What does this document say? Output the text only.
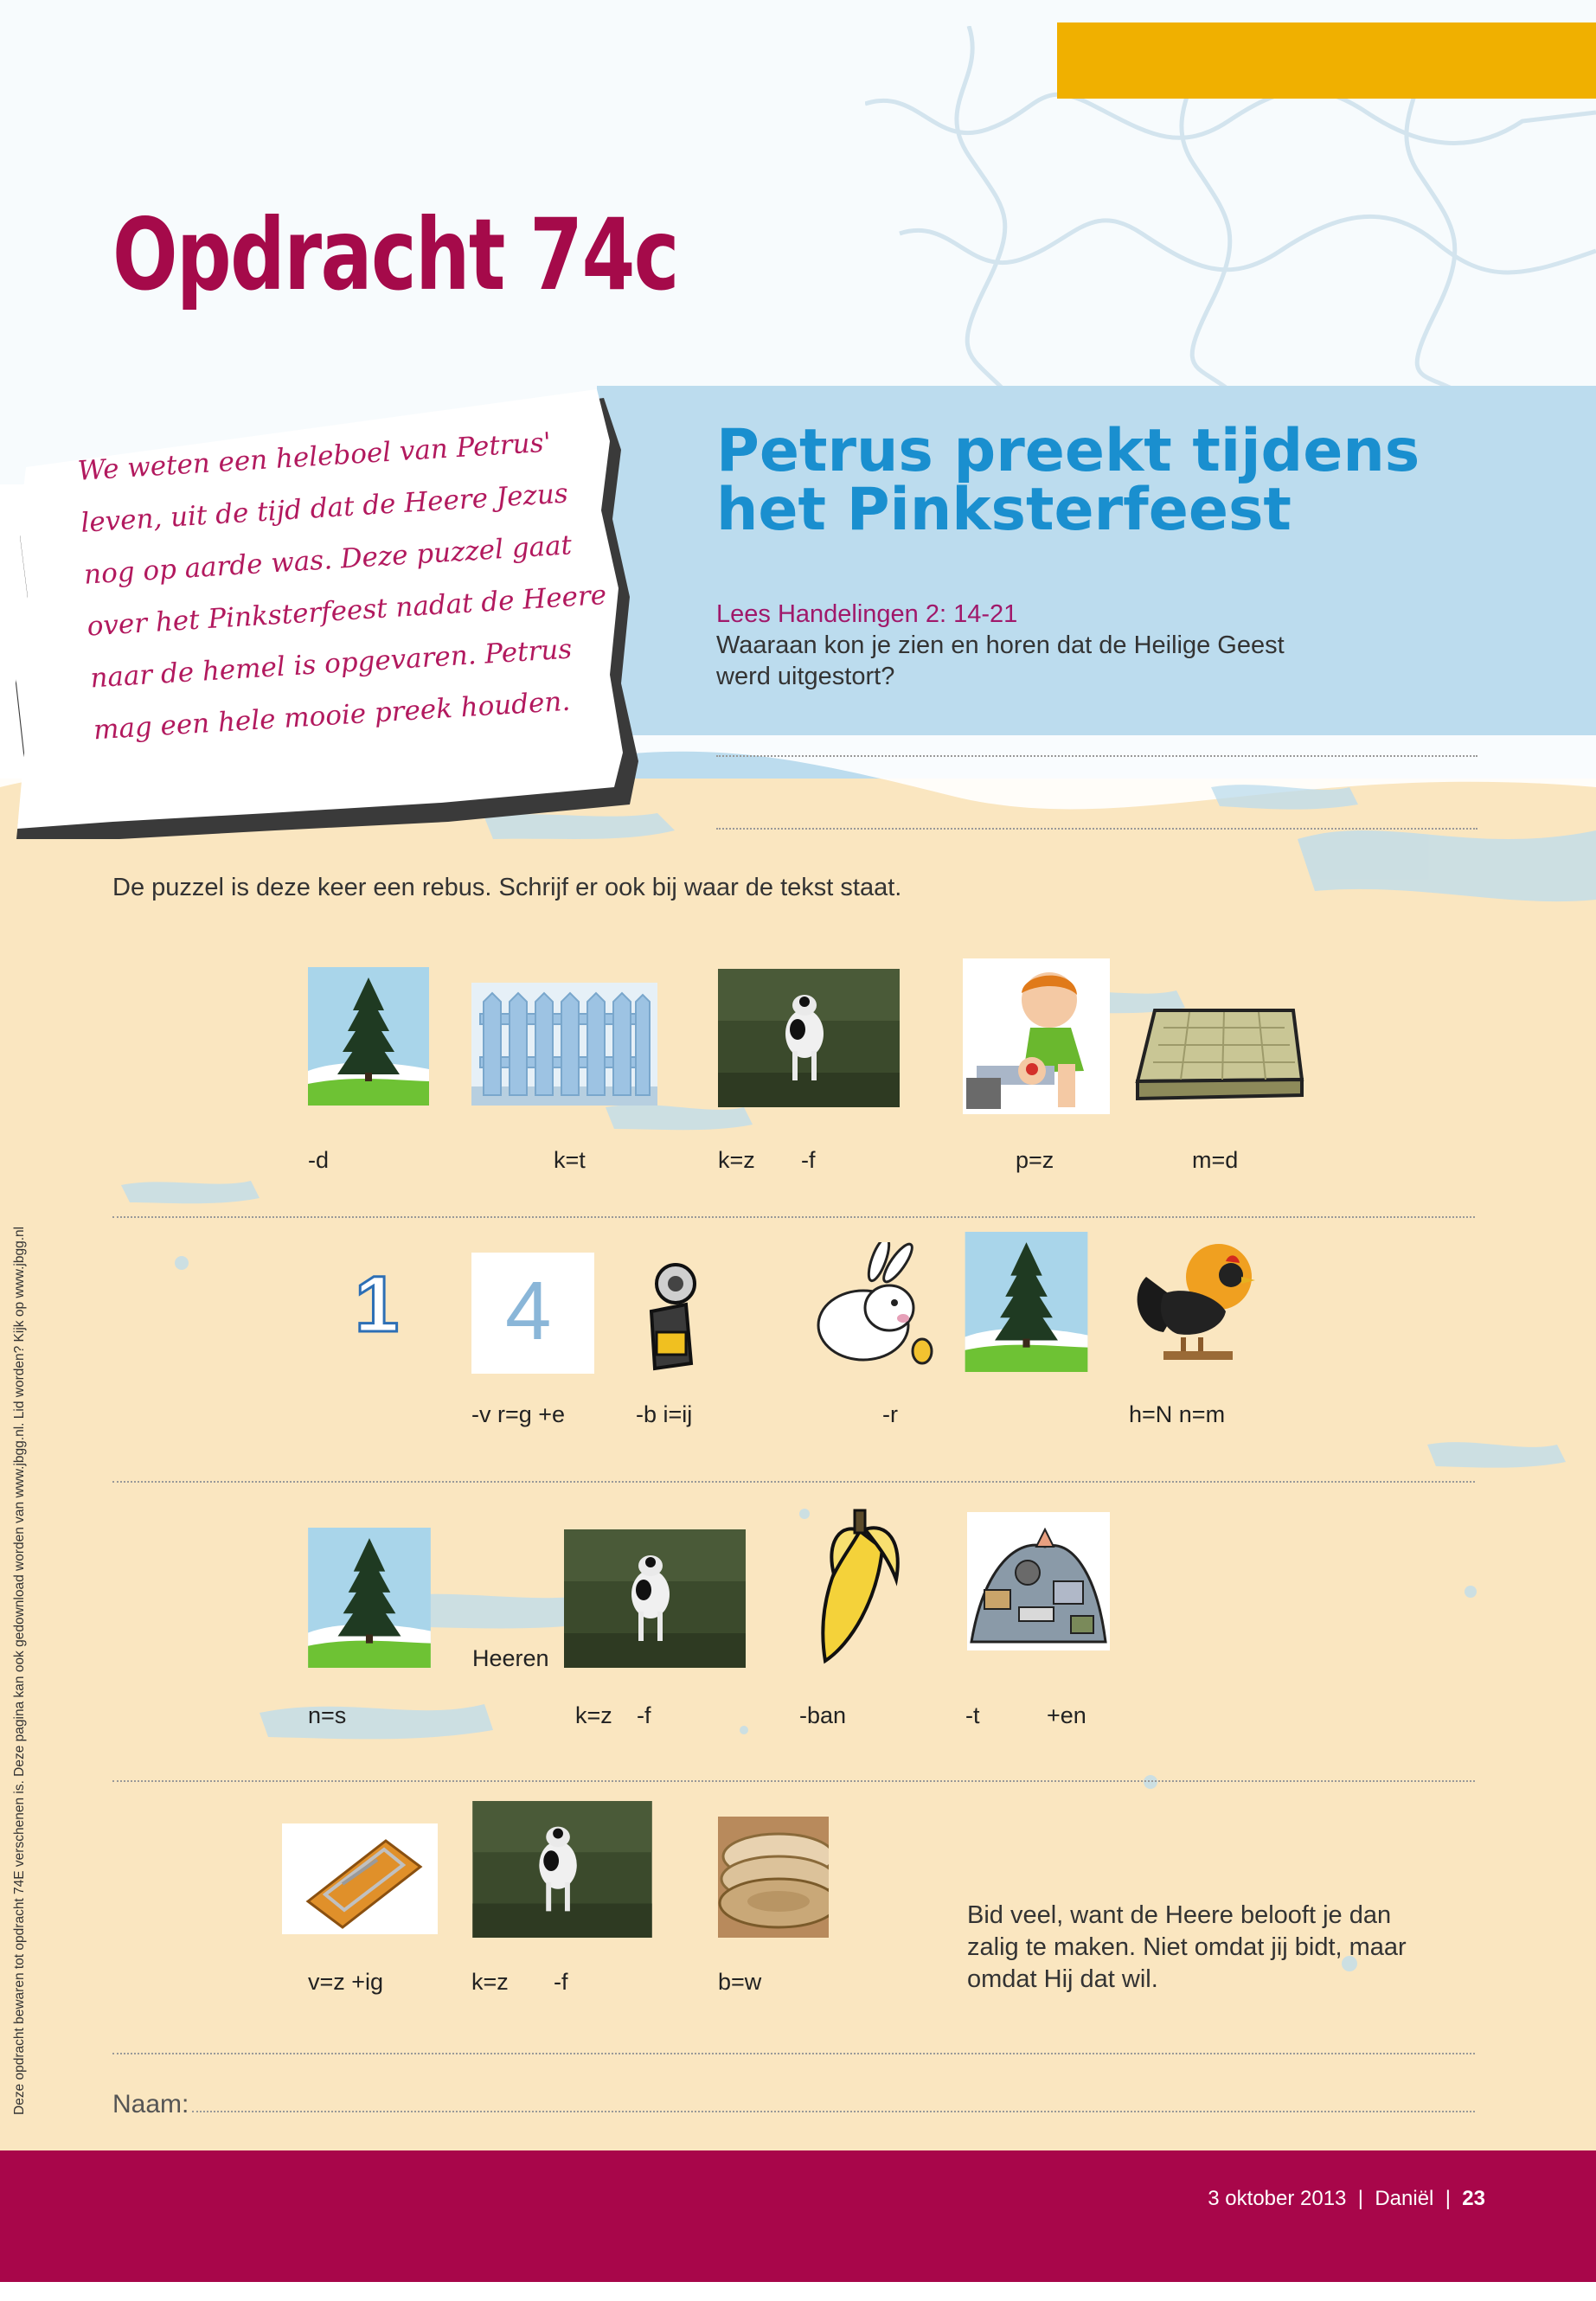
Opdracht 74c
We weten een heleboel van Petrus'
leven, uit de tijd dat de Heere Jezus
nog op aarde was. Deze puzzel gaat
over het Pinksterfeest nadat de Heere
naar de hemel is opgevaren. Petrus
mag een hele mooie preek houden.
Petrus preekt tijdens
het Pinksterfeest
Lees Handelingen 2: 14-21
Waaraan kon je zien en horen dat de Heilige Geest
werd uitgestort?
De puzzel is deze keer een rebus. Schrijf er ook bij waar de tekst staat.
Deze opdracht bewaren tot opdracht 74E verschenen is. Deze pagina kan ook gedownload worden van www.jbgg.nl. Lid worden? Kijk op www.jbgg.nl
-d	k=t	k=z -f	p=z	m=d
1 4
-v r=g +e	-b i=ij	-r	h=N n=m
Heeren
n=s	k=z -f	-ban	-t	+en
v=z +ig	k=z -f	b=w
Bid veel, want de Heere belooft je dan
zalig te maken. Niet omdat jij bidt, maar
omdat Hij dat wil.
Naam:
3 oktober 2013 | Daniël | 23
